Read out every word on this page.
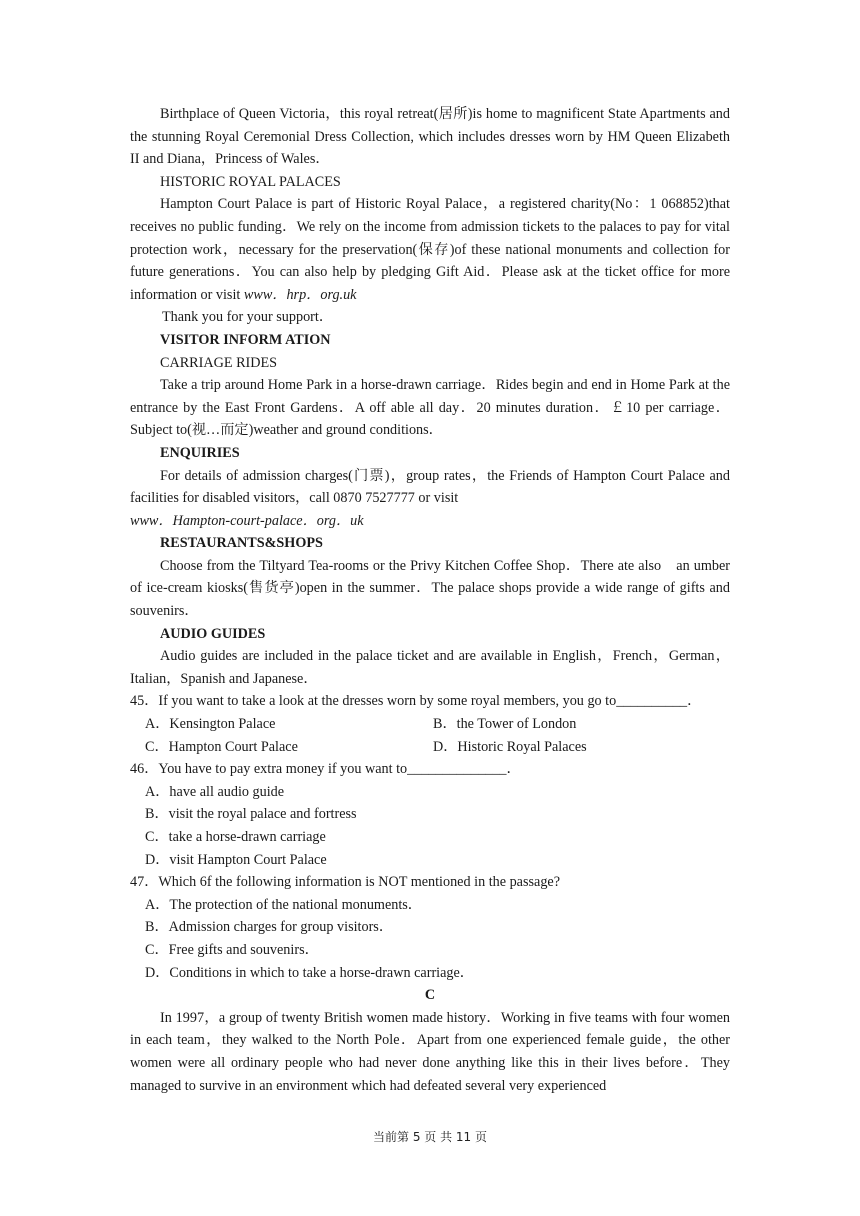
Birthplace of Queen Victoria，this royal retreat(居所)is home to magnificent State Apartments and the stunning Royal Ceremonial Dress Collection, which includes dresses worn by HM Queen Elizabeth II and Diana，Princess of Wales．

HISTORIC ROYAL PALACES

Hampton Court Palace is part of Historic Royal Palace，a registered charity(No：1 068852)that receives no public funding．We rely on the income from admission tickets to the palaces to pay for vital protection work，necessary for the preservation(保存)of these national monuments and collection for future generations．You can also help by pledging Gift Aid．Please ask at the ticket office for more information or visit www．hrp．org.uk

Thank you for your support．

VISITOR INFORM ATION

CARRIAGE RIDES

Take a trip around Home Park in a horse-drawn carriage．Rides begin and end in Home Park at the entrance by the East Front Gardens．A off able all day．20 minutes duration．￡10 per carriage．Subject to(视…而定)weather and ground conditions．

ENQUIRIES

For details of admission charges(门票)，group rates，the Friends of Hampton Court Palace and facilities for disabled visitors，call 0870 7527777 or visit

www．Hampton-court-palace．org．uk

RESTAURANTS&SHOPS

Choose from the Tiltyard Tea-rooms or the Privy Kitchen Coffee Shop．There ate also　an umber of ice-cream kiosks(售货亭)open in the summer．The palace shops provide a wide range of gifts and souvenirs．

AUDIO GUIDES

Audio guides are included in the palace ticket and are available in English，French，German，Italian，Spanish and Japanese．

45．If you want to take a look at the dresses worn by some royal members, you go to__________．

A．Kensington Palace	B．the Tower of London
C．Hampton Court Palace	D．Historic Royal Palaces

46．You have to pay extra money if you want to______________．

A．have all audio guide

B．visit the royal palace and fortress

C．take a horse-drawn carriage

D．visit Hampton Court Palace

47．Which 6f the following information is NOT mentioned in the passage?

A．The protection of the national monuments．

B．Admission charges for group visitors．

C．Free gifts and souvenirs．

D．Conditions in which to take a horse-drawn carriage．

C

In 1997，a group of twenty British women made history．Working in five teams with four women in each team，they walked to the North Pole．Apart from one experienced female guide，the other women were all ordinary people who had never done anything like this in their lives before．They managed to survive in an environment which had defeated several very experienced

当前第 5 页 共 11 页
